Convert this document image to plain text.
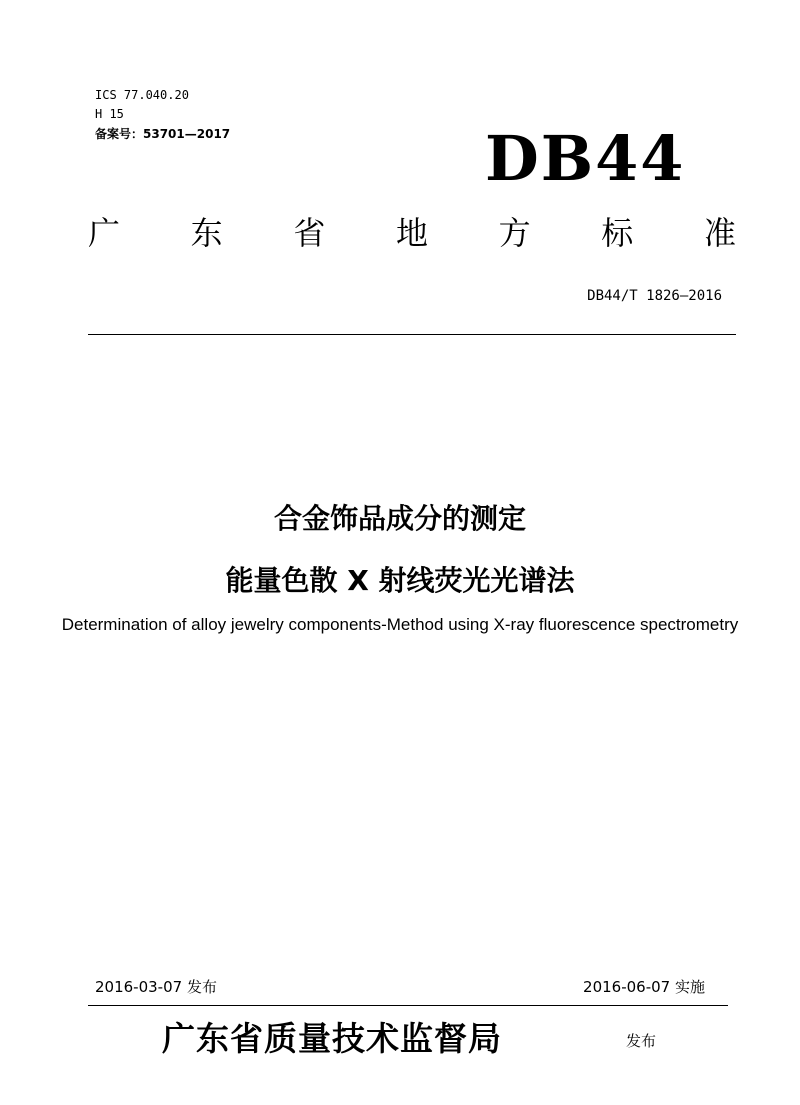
ICS 77.040.20
H 15
备案号：53701—2017	DB44
广 东 省 地 方 标 准
DB44/T 1826—2016
合金饰品成分的测定
能量色散 X 射线荧光光谱法
Determination of alloy jewelry components-Method using X-ray fluorescence spectrometry
2016-03-07 发布	2016-06-07 实施
广东省质量技术监督局	发布
